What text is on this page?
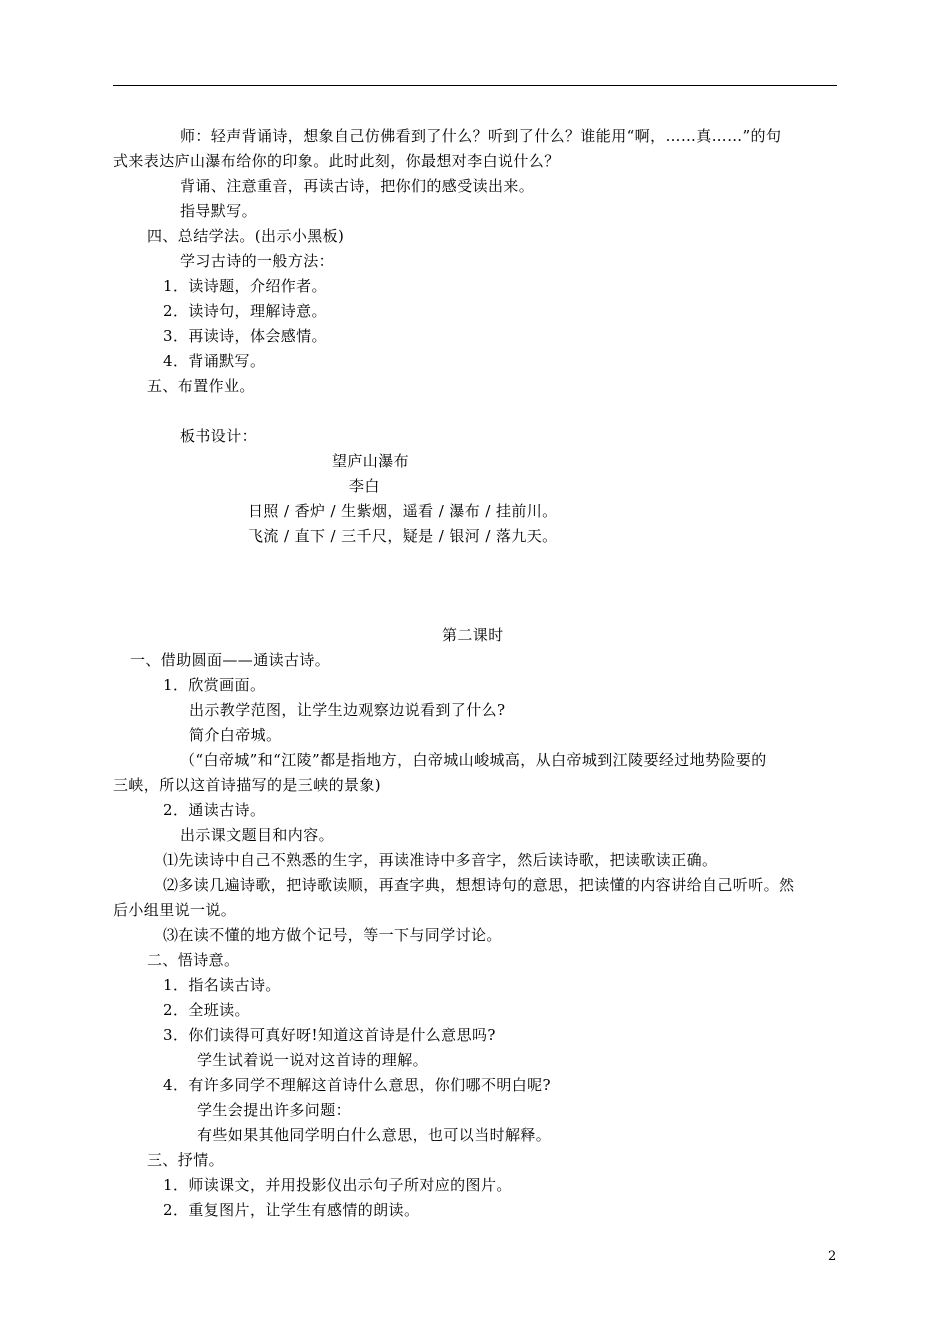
师：轻声背诵诗，想象自己仿佛看到了什么？听到了什么？谁能用“啊，……真……”的句
式来表达庐山瀑布给你的印象。此时此刻，你最想对李白说什么？
背诵、注意重音，再读古诗，把你们的感受读出来。
指导默写。
四、总结学法。(出示小黑板)
学习古诗的一般方法：
1．读诗题，介绍作者。
2．读诗句，理解诗意。
3．再读诗，体会感情。
4．背诵默写。
五、布置作业。
板书设计：
望庐山瀑布
李白
日照 / 香炉 / 生紫烟，遥看 / 瀑布 / 挂前川。
飞流 / 直下 / 三千尺，疑是 / 银河 / 落九天。
第二课时
一、借助圆面——通读古诗。
1．欣赏画面。
出示教学范图，让学生边观察边说看到了什么?
简介白帝城。
（“白帝城”和“江陵”都是指地方，白帝城山峻城高，从白帝城到江陵要经过地势险要的
三峡，所以这首诗描写的是三峡的景象)
2．通读古诗。
出示课文题目和内容。
⑴先读诗中自己不熟悉的生字，再读准诗中多音字，然后读诗歌，把读歌读正确。
⑵多读几遍诗歌，把诗歌读顺，再查字典，想想诗句的意思，把读懂的内容讲给自己听听。然
后小组里说一说。
⑶在读不懂的地方做个记号，等一下与同学讨论。
二、悟诗意。
1．指名读古诗。
2．全班读。
3．你们读得可真好呀!知道这首诗是什么意思吗?
学生试着说一说对这首诗的理解。
4．有许多同学不理解这首诗什么意思，你们哪不明白呢?
学生会提出许多问题：
有些如果其他同学明白什么意思，也可以当时解释。
三、抒情。
1．师读课文，并用投影仪出示句子所对应的图片。
2．重复图片，让学生有感情的朗读。
2
